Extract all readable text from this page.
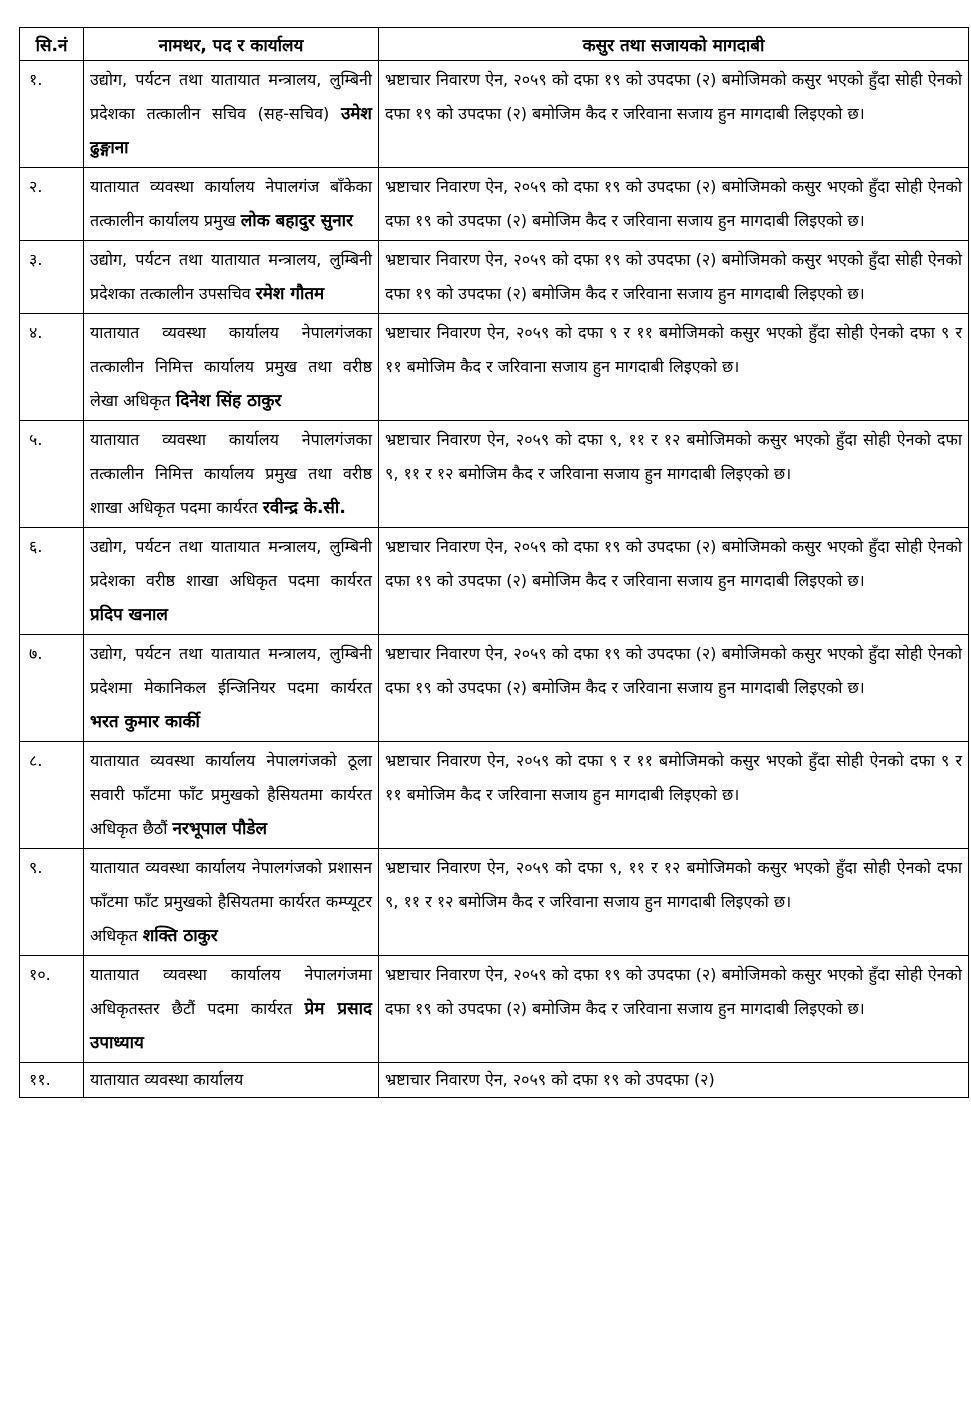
सि.नं	नामथर, पद र कार्यालय	कसुर तथा सजायको मागदाबी
१.	उद्योग, पर्यटन तथा यातायात मन्त्रालय, लुम्बिनी प्रदेशका तत्कालीन सचिव (सह-सचिव) उमेश ढुङ्गाना	भ्रष्टाचार निवारण ऐन, २०५९ को दफा १९ को उपदफा (२) बमोजिमको कसुर भएको हुँदा सोही ऐनको दफा १९ को उपदफा (२) बमोजिम कैद र जरिवाना सजाय हुन मागदाबी लिइएको छ।
२.	यातायात व्यवस्था कार्यालय नेपालगंज बाँकेका तत्कालीन कार्यालय प्रमुख लोक बहादुर सुनार	भ्रष्टाचार निवारण ऐन, २०५९ को दफा १९ को उपदफा (२) बमोजिमको कसुर भएको हुँदा सोही ऐनको दफा १९ को उपदफा (२) बमोजिम कैद र जरिवाना सजाय हुन मागदाबी लिइएको छ।
३.	उद्योग, पर्यटन तथा यातायात मन्त्रालय, लुम्बिनी प्रदेशका तत्कालीन उपसचिव रमेश गौतम	भ्रष्टाचार निवारण ऐन, २०५९ को दफा १९ को उपदफा (२) बमोजिमको कसुर भएको हुँदा सोही ऐनको दफा १९ को उपदफा (२) बमोजिम कैद र जरिवाना सजाय हुन मागदाबी लिइएको छ।
४.	यातायात व्यवस्था कार्यालय नेपालगंजका तत्कालीन निमित्त कार्यालय प्रमुख तथा वरीष्ठ लेखा अधिकृत दिनेश सिंह ठाकुर	भ्रष्टाचार निवारण ऐन, २०५९ को दफा ९ र ११ बमोजिमको कसुर भएको हुँदा सोही ऐनको दफा ९ र ११ बमोजिम कैद र जरिवाना सजाय हुन मागदाबी लिइएको छ।
५.	यातायात व्यवस्था कार्यालय नेपालगंजका तत्कालीन निमित्त कार्यालय प्रमुख तथा वरीष्ठ शाखा अधिकृत पदमा कार्यरत रवीन्द्र के.सी.	भ्रष्टाचार निवारण ऐन, २०५९ को दफा ९, ११ र १२ बमोजिमको कसुर भएको हुँदा सोही ऐनको दफा ९, ११ र १२ बमोजिम कैद र जरिवाना सजाय हुन मागदाबी लिइएको छ।
६.	उद्योग, पर्यटन तथा यातायात मन्त्रालय, लुम्बिनी प्रदेशका वरीष्ठ शाखा अधिकृत पदमा कार्यरत प्रदिप खनाल	भ्रष्टाचार निवारण ऐन, २०५९ को दफा १९ को उपदफा (२) बमोजिमको कसुर भएको हुँदा सोही ऐनको दफा १९ को उपदफा (२) बमोजिम कैद र जरिवाना सजाय हुन मागदाबी लिइएको छ।
७.	उद्योग, पर्यटन तथा यातायात मन्त्रालय, लुम्बिनी प्रदेशमा मेकानिकल ईन्जिनियर पदमा कार्यरत भरत कुमार कार्की	भ्रष्टाचार निवारण ऐन, २०५९ को दफा १९ को उपदफा (२) बमोजिमको कसुर भएको हुँदा सोही ऐनको दफा १९ को उपदफा (२) बमोजिम कैद र जरिवाना सजाय हुन मागदाबी लिइएको छ।
८.	यातायात व्यवस्था कार्यालय नेपालगंजको ठूला सवारी फाँटमा फाँट प्रमुखको हैसियतमा कार्यरत अधिकृत छैठौं नरभूपाल पौडेल	भ्रष्टाचार निवारण ऐन, २०५९ को दफा ९ र ११ बमोजिमको कसुर भएको हुँदा सोही ऐनको दफा ९ र ११ बमोजिम कैद र जरिवाना सजाय हुन मागदाबी लिइएको छ।
९.	यातायात व्यवस्था कार्यालय नेपालगंजको प्रशासन फाँटमा फाँट प्रमुखको हैसियतमा कार्यरत कम्प्यूटर अधिकृत शक्ति ठाकुर	भ्रष्टाचार निवारण ऐन, २०५९ को दफा ९, ११ र १२ बमोजिमको कसुर भएको हुँदा सोही ऐनको दफा ९, ११ र १२ बमोजिम कैद र जरिवाना सजाय हुन मागदाबी लिइएको छ।
१०.	यातायात व्यवस्था कार्यालय नेपालगंजमा अधिकृतस्तर छैटौं पदमा कार्यरत प्रेम प्रसाद उपाध्याय	भ्रष्टाचार निवारण ऐन, २०५९ को दफा १९ को उपदफा (२) बमोजिमको कसुर भएको हुँदा सोही ऐनको दफा १९ को उपदफा (२) बमोजिम कैद र जरिवाना सजाय हुन मागदाबी लिइएको छ।
११.	यातायात व्यवस्था कार्यालय	भ्रष्टाचार निवारण ऐन, २०५९ को दफा १९ को उपदफा (२)
